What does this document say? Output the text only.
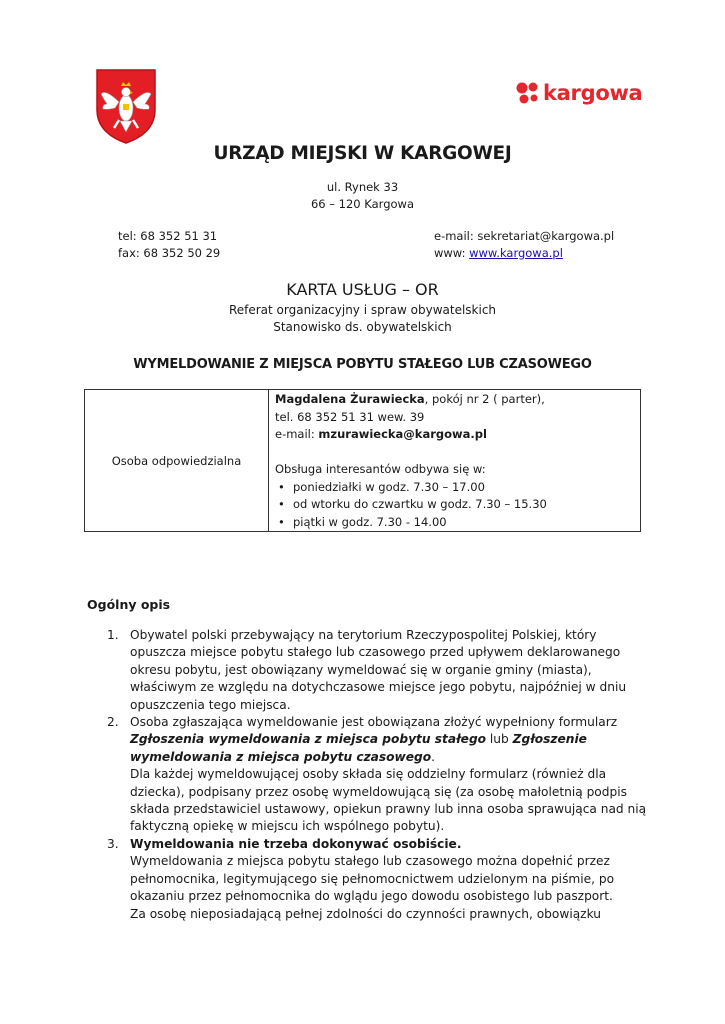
kargowa
URZĄD MIEJSKI W KARGOWEJ
ul. Rynek 33
66 – 120 Kargowa
tel: 68 352 51 31
fax: 68 352 50 29
e-mail: sekretariat@kargowa.pl
www: www.kargowa.pl
KARTA USŁUG – OR
Referat organizacyjny i spraw obywatelskich
Stanowisko ds. obywatelskich
WYMELDOWANIE Z MIEJSCA POBYTU STAŁEGO LUB CZASOWEGO
Osoba odpowiedzialna
Magdalena Żurawiecka, pokój nr 2 ( parter),
tel. 68 352 51 31 wew. 39
e-mail: mzurawiecka@kargowa.pl
Obsługa interesantów odbywa się w:
• poniedziałki w godz. 7.30 – 17.00
• od wtorku do czwartku w godz. 7.30 – 15.30
• piątki w godz. 7.30 - 14.00
Ogólny opis
1. Obywatel polski przebywający na terytorium Rzeczypospolitej Polskiej, który opuszcza miejsce pobytu stałego lub czasowego przed upływem deklarowanego okresu pobytu, jest obowiązany wymeldować się w organie gminy (miasta), właściwym ze względu na dotychczasowe miejsce jego pobytu, najpóźniej w dniu opuszczenia tego miejsca.
2. Osoba zgłaszająca wymeldowanie jest obowiązana złożyć wypełniony formularz Zgłoszenia wymeldowania z miejsca pobytu stałego lub Zgłoszenie wymeldowania z miejsca pobytu czasowego.
Dla każdej wymeldowującej osoby składa się oddzielny formularz (również dla dziecka), podpisany przez osobę wymeldowującą się (za osobę małoletnią podpis składa przedstawiciel ustawowy, opiekun prawny lub inna osoba sprawująca nad nią faktyczną opiekę w miejscu ich wspólnego pobytu).
3. Wymeldowania nie trzeba dokonywać osobiście.
Wymeldowania z miejsca pobytu stałego lub czasowego można dopełnić przez pełnomocnika, legitymującego się pełnomocnictwem udzielonym na piśmie, po okazaniu przez pełnomocnika do wglądu jego dowodu osobistego lub paszport.
Za osobę nieposiadającą pełnej zdolności do czynności prawnych, obowiązku
